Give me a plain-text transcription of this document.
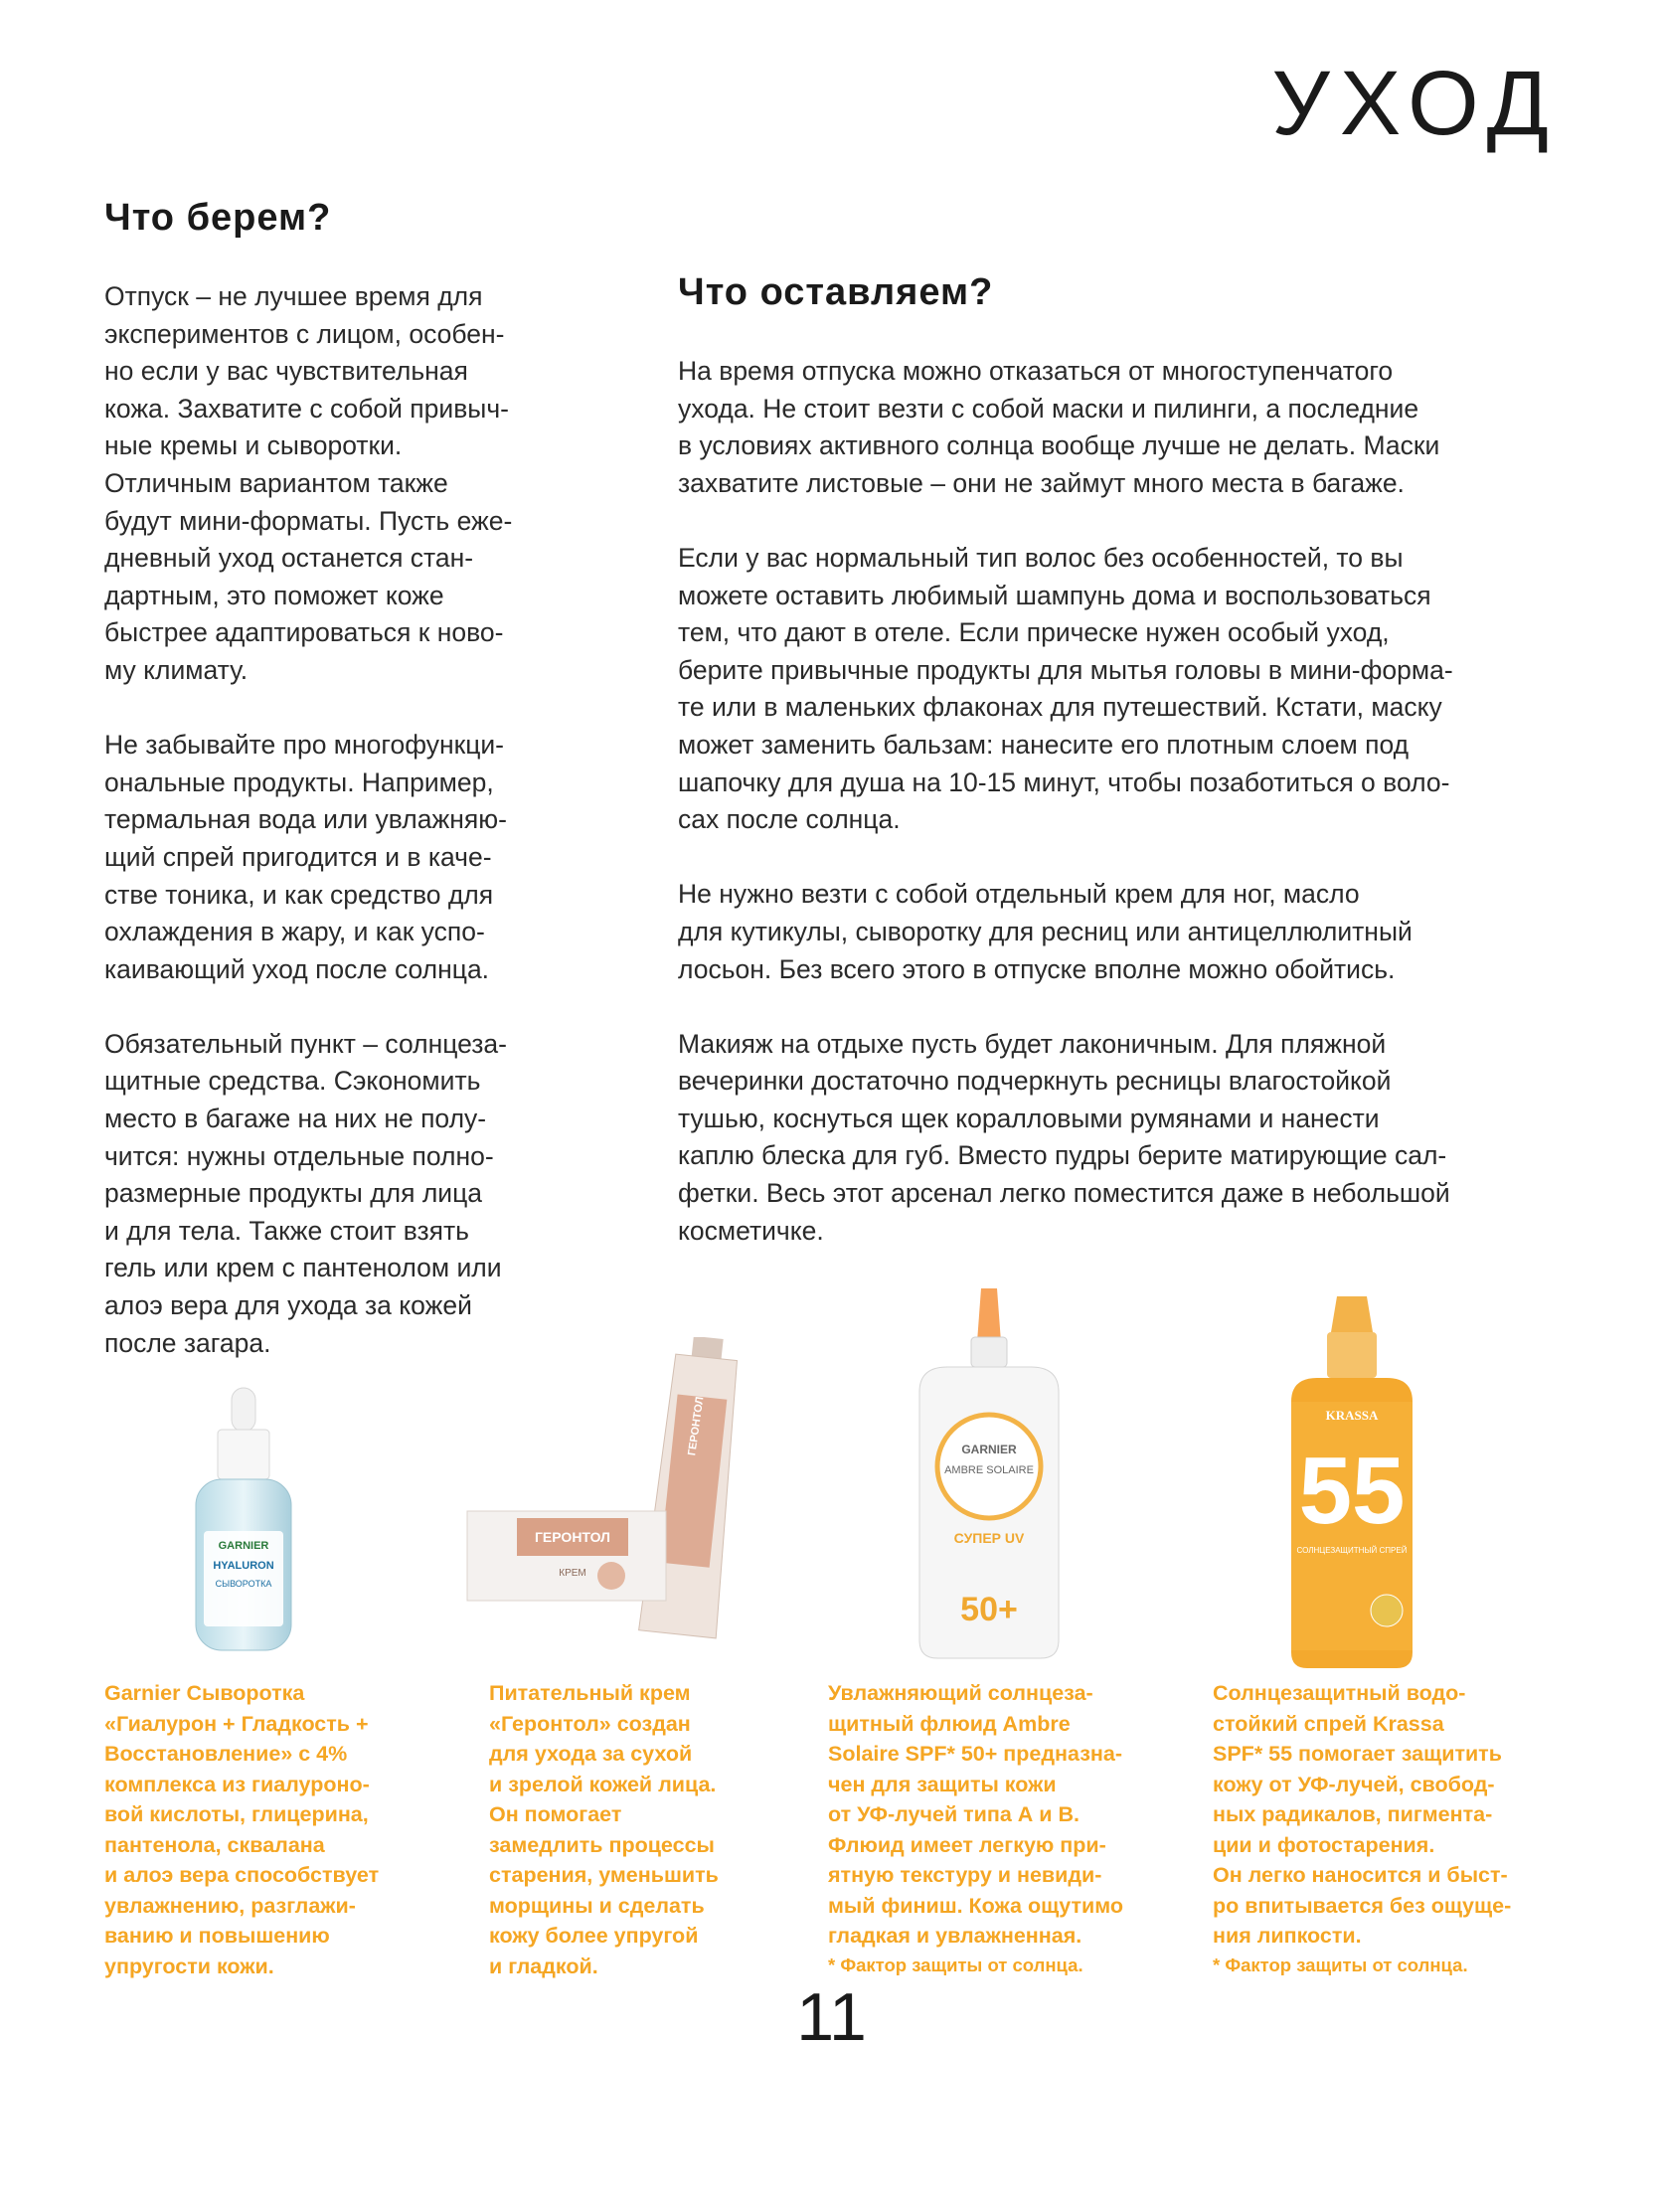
УХОД
Что берем?

Отпуск – не лучшее время для
экспериментов с лицом, особен-
но если у вас чувствительная
кожа. Захватите с собой привыч-
ные кремы и сыворотки.
Отличным вариантом также
будут мини-форматы. Пусть еже-
дневный уход останется стан-
дартным, это поможет коже
быстрее адаптироваться к ново-
му климату.

Не забывайте про многофункци-
ональные продукты. Например,
термальная вода или увлажняю-
щий спрей пригодится и в каче-
стве тоника, и как средство для
охлаждения в жару, и как успо-
каивающий уход после солнца.

Обязательный пункт – солнцеза-
щитные средства. Сэкономить
место в багаже на них не полу-
чится: нужны отдельные полно-
размерные продукты для лица
и для тела. Также стоит взять
гель или крем с пантенолом или
алоэ вера для ухода за кожей
после загара.

Что оставляем?

На время отпуска можно отказаться от многоступенчатого
ухода. Не стоит везти с собой маски и пилинги, а последние
в условиях активного солнца вообще лучше не делать. Маски
захватите листовые – они не займут много места в багаже.

Если у вас нормальный тип волос без особенностей, то вы
можете оставить любимый шампунь дома и воспользоваться
тем, что дают в отеле. Если прическе нужен особый уход,
берите привычные продукты для мытья головы в мини-форма-
те или в маленьких флаконах для путешествий. Кстати, маску
может заменить бальзам: нанесите его плотным слоем под
шапочку для душа на 10-15 минут, чтобы позаботиться о воло-
сах после солнца.

Не нужно везти с собой отдельный крем для ног, масло
для кутикулы, сыворотку для ресниц или антицеллюлитный
лосьон. Без всего этого в отпуске вполне можно обойтись.

Макияж на отдыхе пусть будет лаконичным. Для пляжной
вечеринки достаточно подчеркнуть ресницы влагостойкой
тушью, коснуться щек коралловыми румянами и нанести
каплю блеска для губ. Вместо пудры берите матирующие сал-
фетки. Весь этот арсенал легко поместится даже в небольшой
косметичке.

GARNIER
HYALURON
СЫВОРОТКА
ГЕРОНТОЛ
ГЕРОНТОЛ
КРЕМ
GARNIER
AMBRE SOLAIRE
СУПЕР UV
50+
KRASSA
55
СОЛНЦЕЗАЩИТНЫЙ СПРЕЙ

Garnier Сыворотка
«Гиалурон + Гладкость +
Восстановление» с 4%
комплекса из гиалуроно-
вой кислоты, глицерина,
пантенола, сквалана
и алоэ вера способствует
увлажнению, разглажи-
ванию и повышению
упругости кожи.

Питательный крем
«Геронтол» создан
для ухода за сухой
и зрелой кожей лица.
Он помогает
замедлить процессы
старения, уменьшить
морщины и сделать
кожу более упругой
и гладкой.

Увлажняющий солнцеза-
щитный флюид Ambre
Solaire SPF* 50+ предназна-
чен для защиты кожи
от УФ-лучей типа А и В.
Флюид имеет легкую при-
ятную текстуру и невиди-
мый финиш. Кожа ощутимо
гладкая и увлажненная.

* Фактор защиты от солнца.

Солнцезащитный водо-
стойкий спрей Krassa
SPF* 55 помогает защитить
кожу от УФ-лучей, свобод-
ных радикалов, пигмента-
ции и фотостарения.
Он легко наносится и быст-
ро впитывается без ощуще-
ния липкости.

* Фактор защиты от солнца.

11
